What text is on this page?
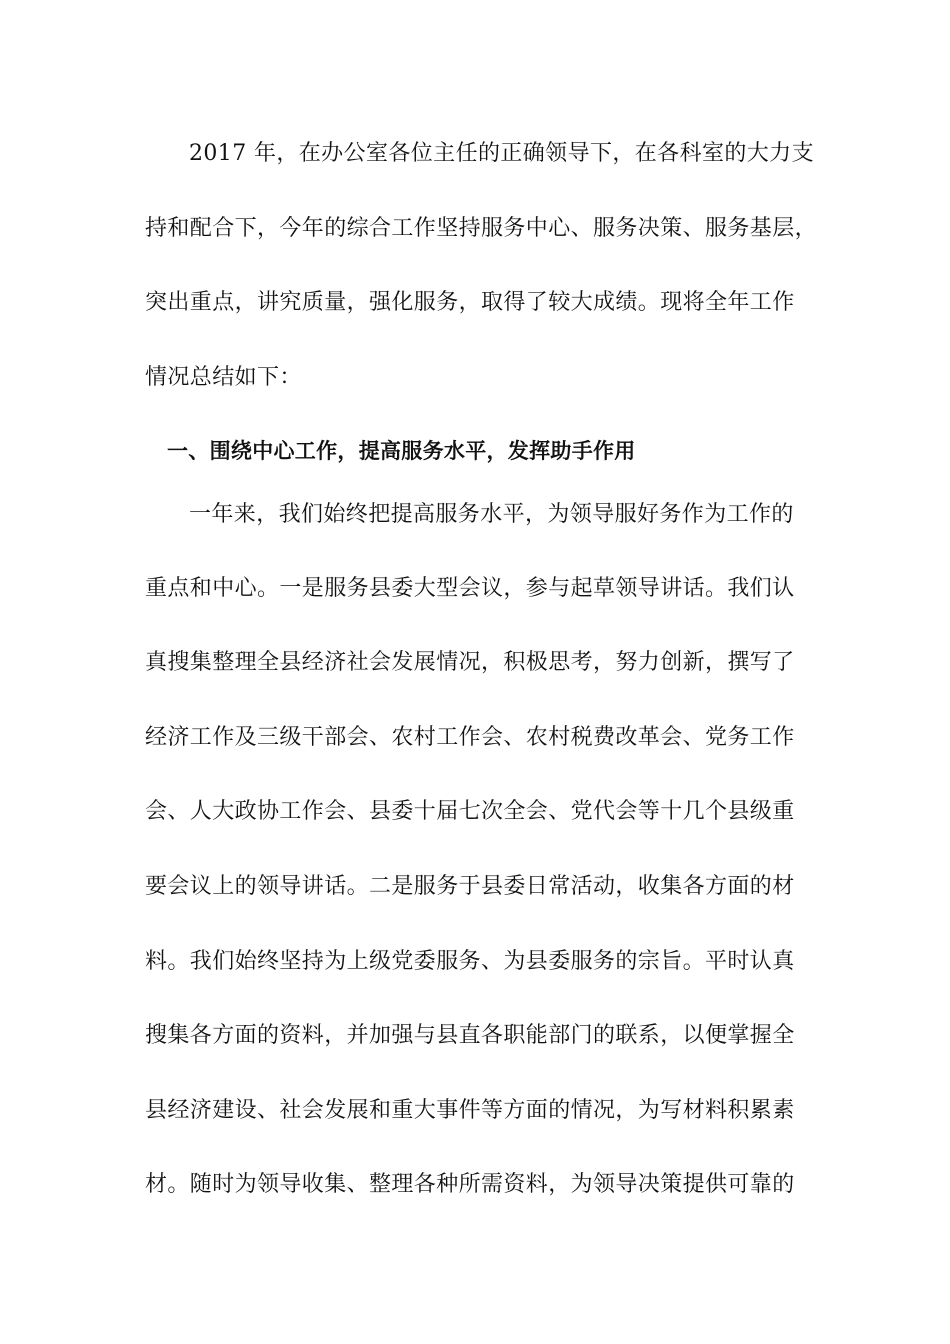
2017 年，在办公室各位主任的正确领导下，在各科室的大力支
持和配合下，今年的综合工作坚持服务中心、服务决策、服务基层，
突出重点，讲究质量，强化服务，取得了较大成绩。现将全年工作
情况总结如下：
一、围绕中心工作，提高服务水平，发挥助手作用
一年来，我们始终把提高服务水平，为领导服好务作为工作的
重点和中心。一是服务县委大型会议，参与起草领导讲话。我们认
真搜集整理全县经济社会发展情况，积极思考，努力创新，撰写了
经济工作及三级干部会、农村工作会、农村税费改革会、党务工作
会、人大政协工作会、县委十届七次全会、党代会等十几个县级重
要会议上的领导讲话。二是服务于县委日常活动，收集各方面的材
料。我们始终坚持为上级党委服务、为县委服务的宗旨。平时认真
搜集各方面的资料，并加强与县直各职能部门的联系，以便掌握全
县经济建设、社会发展和重大事件等方面的情况，为写材料积累素
材。随时为领导收集、整理各种所需资料，为领导决策提供可靠的
